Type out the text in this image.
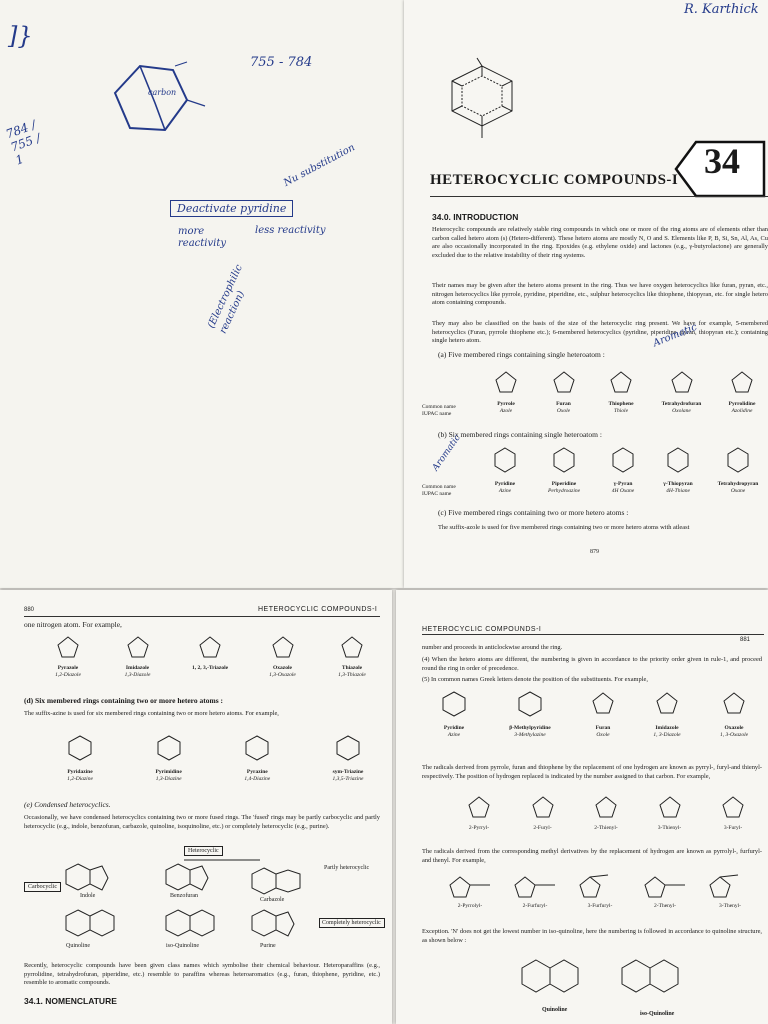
]}
carbon
755 - 784
784 / 755 / 1
Deactivate pyridine
Nu substitution
less reactivity
more reactivity
(Electrophilic reaction)
R. Karthick
HETEROCYCLIC COMPOUNDS-I 34
34.0. INTRODUCTION

Heterocyclic compounds are relatively stable ring compounds in which one or more of the ring atoms are of elements other than carbon called hetero atom (s) (Hetero-different). These hetero atoms are mostly N, O and S. Elements like P, B, Si, Sn, Al, As, Cu are also occasionally incorporated in the ring. Epoxides (e.g. ethylene oxide) and lactones (e.g., γ-butyrolactone) are generally excluded due to the relative instability of their ring systems.

Their names may be given after the hetero atoms present in the ring. Thus we have oxygen heterocyclics like furan, pyran, etc., nitrogen heterocyclics like pyrrole, pyridine, piperidine, etc., sulphur heterocyclics like thiophene, thiopyran, etc. for single hetero atom containing compounds.

They may also be classified on the basis of the size of the heterocyclic ring present. We have for example, 5-membered heterocyclics (Furan, pyrrole thiophene etc.); 6-membered heterocyclics (pyridine, piperidine, pyran, thiopyran etc.); containing single hetero atom.

(a) Five membered rings containing single heteroatom :
Aromatic
Common name
IUPAC name
Pyrrole
Azole
Furan
Oxole
Thiophene
Thiole
Tetrahydrofuran
Oxolane
Pyrrolidine
Azolidine
(b) Six membered rings containing single heteroatom :
Aromatic
Common name
IUPAC name
Pyridine
Azine
Piperidine
Perhydroazine
γ-Pyran
4H Oxane
γ-Thiopyran
4H-Thiane
Tetrahydropyran
Oxane
(c) Five membered rings containing two or more hetero atoms :

The suffix-azole is used for five membered rings containing two or more hetero atoms with atleast

879
880	HETEROCYCLIC COMPOUNDS-I
one nitrogen atom. For example,
Pyrazole
1,2-Diazole
Imidazole
1,3-Diazole
1, 2, 3,-Triazole	Oxazole
1,3-Oxazole
Thiazole
1,3-Thiazole
(d) Six membered rings containing two or more hetero atoms :

The suffix-azine is used for six membered rings containing two or more hetero atoms. For example,

Pyridazine
1,2-Diazine
Pyrimidine
1,3-Diazine
Pyrazine
1,4-Diazine
sym-Triazine
1,3,5-Triazine
(e) Condensed heterocyclics.

Occasionally, we have condensed heterocyclics containing two or more fused rings. The 'fused' rings may be partly carbocyclic and partly heterocyclic (e.g., indole, benzofuran, carbazole, quinoline, isoquinoline, etc.) or completely heterocyclic (e.g., purine).

Heterocyclic
Carbocyclic
Partly heterocyclic
Completely heterocyclic
Indole	Benzofuran
Carbazole
Quinoline	iso-Quinoline	Purine

Recently, heterocyclic compounds have been given class names which symbolise their chemical behaviour. Heteroparaffins (e.g., pyrrolidine, tetrahydrofuran, piperidine, etc.) resemble to paraffins whereas heteroaromatics (e.g., furan, thiophene, pyridine, etc.) resemble to aromatic compounds.

34.1. NOMENCLATURE
HETEROCYCLIC COMPOUNDS-I
881

number and proceeds in anticlockwise around the ring.

(4) When the hetero atoms are different, the numbering is given in accordance to the priority order given in rule-1, and proceed round the ring in order of precedence.

(5) In common names Greek letters denote the position of the substituents. For example,

Pyridine
Azine
β-Methylpyridine
3-Methylazine
Furan
Oxole
Imidazole
1, 3-Diazole
Oxazole
1, 3-Oxazole

The radicals derived from pyrrole, furan and thiophene by the replacement of one hydrogen are known as pyrryl-, furyl-and thienyl-respectively. The position of hydrogen replaced is indicated by the number assigned to that carbon. For example,

2-Pyrryl-	2-Furyl-	2-Thienyl-	3-Thienyl-	3-Furyl-

The radicals derived from the corresponding methyl derivatives by the replacement of hydrogen are known as pyrrolyl-, furfuryl- and thenyl. For example,

2-Pyrrolyl-	2-Furfuryl-	3-Furfuryl-	2-Thenyl-	3-Thenyl-

Exception. 'N' does not get the lowest number in iso-quinoline, here the numbering is followed in accordance to quinoline structure, as shown below :

Quinoline
iso-Quinoline
